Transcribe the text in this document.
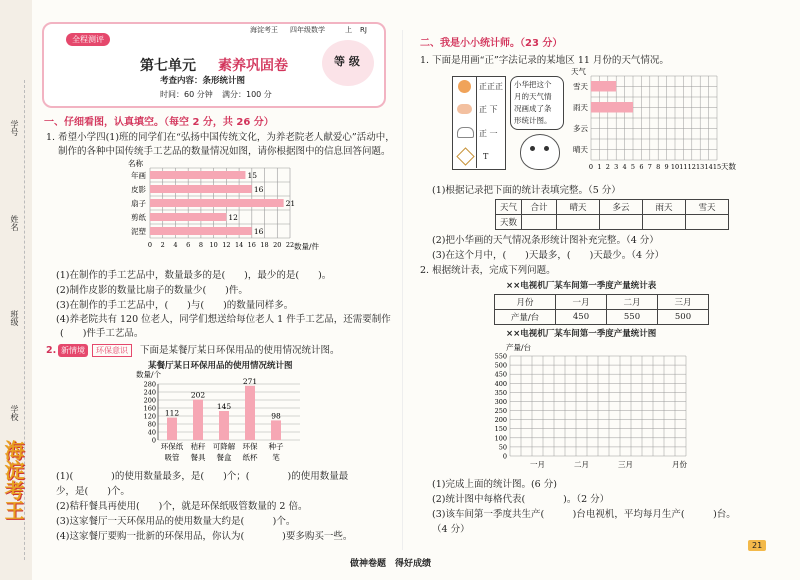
学号
姓名
班级
学校
海淀考王
全程测评
第七单元 素养巩固卷	等 级
考查内容：条形统计图
时间：60 分钟 满分：100 分
一、仔细看图，认真填空。（每空 2 分，共 26 分）
1. 希望小学四(1)班的同学们在“弘扬中国传统文化，为养老院老人献爱心”活动中，
制作的各种中国传统手工艺品的数量情况如图，请你根据图中的信息回答问题。
名称
0 2 4 6 8 10 12 14 16 18 20 22
年画	15
皮影	16
扇子	21
剪纸	12
泥塑	16
数量/件
(1)在制作的手工艺品中，数量最多的是(　　)，最少的是(　　)。
(2)制作皮影的数量比扇子的数量少(　　)件。
(3)在制作的手工艺品中，(　　)与(　　)的数量同样多。
(4)养老院共有 120 位老人，同学们想送给每位老人 1 件手工艺品，还需要制作
(　　)件手工艺品。
2. 新情境	环保意识	下面是某餐厅某日环保用品的使用情况统计图。
某餐厅某日环保用品的使用情况统计图
数量/个
0
40
80
120
160
200
240
280
112
环保纸
吸管
202
秸秆
餐具
145
可降解
餐盒
271
环保
纸杯
98
种子
笔
(1)(　　　　)的使用数量最多，是(　　)个；(　　　　)的使用数量最
少，是(　　)个。
(2)秸秆餐具再使用(　　)个，就是环保纸吸管数量的 2 倍。
(3)这家餐厅一天环保用品的使用数量大约是(　　　)个。
(4)这家餐厅要购一批新的环保用品，你认为(　　　　)要多购买一些。
海淀考王 四年级数学	上 RJ
二、我是小小统计师。（23 分）
1. 下面是用画“正”字法记录的某地区 11 月份的天气情况。
正正正
正 下
正 一
T
小华把这个
月的天气情
况画成了条
形统计图。
天气
0 1 2 3 4 5 6 7 8 9 10 11 12 13 14 15
雪天
雨天
多云
晴天
天数
(1)根据记录把下面的统计表填完整。（5 分）
天气	合计	晴天	多云	雨天	雪天
天数					
(2)把小华画的天气情况条形统计图补充完整。（4 分）
(3)在这个月中，(　　)天最多，(　　)天最少。（4 分）
2. 根据统计表，完成下列问题。
××电视机厂某车间第一季度产量统计表
月份	一月	二月	三月
产量/台	450	550	500
××电视机厂某车间第一季度产量统计图
产量/台
0
50
100
150
200
250
300
350
400
450
500
550
一月	二月	三月	月份
(1)完成上面的统计图。(6 分)
(2)统计图中每格代表(　　　　)。（2 分）
(3)该车间第一季度共生产(　　　)台电视机，平均每月生产(　　　)台。
（4 分）
21
做神卷题　得好成绩
